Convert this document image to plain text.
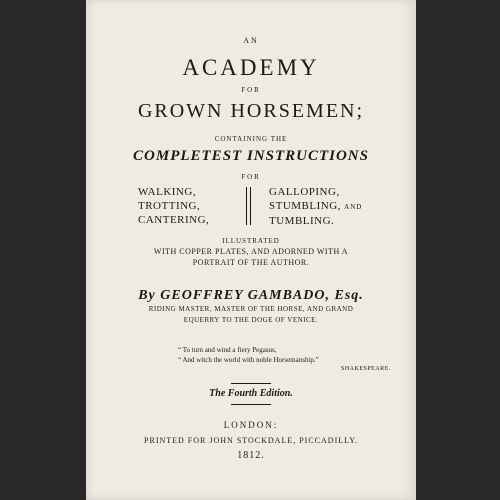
AN
ACADEMY
FOR
GROWN HORSEMEN;
CONTAINING THE
COMPLETEST INSTRUCTIONS
FOR
WALKING,
TROTTING,
CANTERING,
GALLOPING,
STUMBLING, AND
TUMBLING.
ILLUSTRATED
WITH COPPER PLATES, AND ADORNED WITH A
PORTRAIT OF THE AUTHOR.
By GEOFFREY GAMBADO, Esq.
RIDING MASTER, MASTER OF THE HORSE, AND GRAND
EQUERRY TO THE DOGE OF VENICE.
“ To turn and wind a fiery Pegasus,
“ And witch the world with noble Horsemanship.”
SHAKESPEARE.
The Fourth Edition.
LONDON:
PRINTED FOR JOHN STOCKDALE, PICCADILLY.
1812.
